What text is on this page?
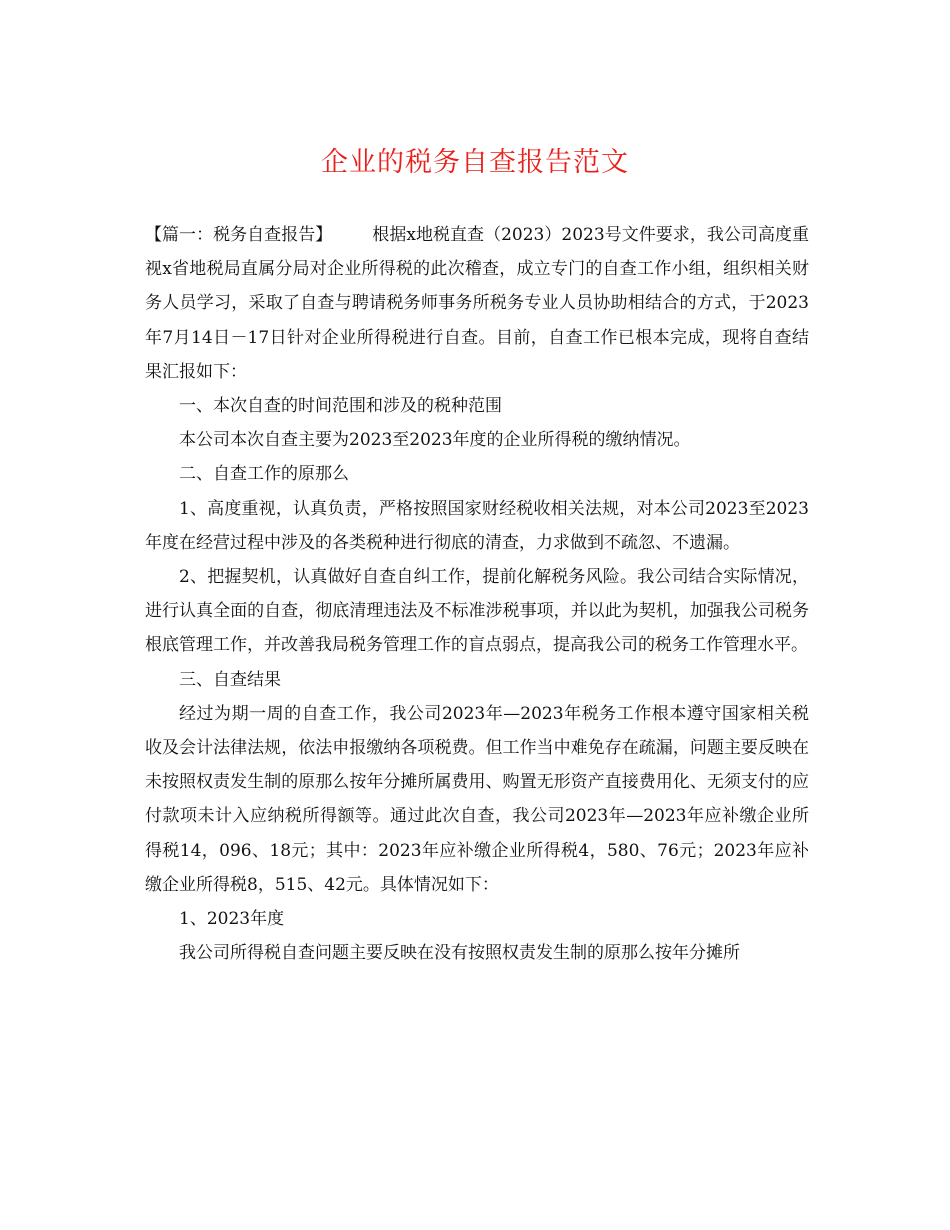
企业的税务自查报告范文

【篇一：税务自查报告】 根据x地税直查（2023）2023号文件要求，我公司高度重视x省地税局直属分局对企业所得税的此次稽查，成立专门的自查工作小组，组织相关财务人员学习，采取了自查与聘请税务师事务所税务专业人员协助相结合的方式，于2023年7月14日－17日针对企业所得税进行自查。目前，自查工作已根本完成，现将自查结果汇报如下：

一、本次自查的时间范围和涉及的税种范围

本公司本次自查主要为2023至2023年度的企业所得税的缴纳情况。

二、自查工作的原那么

1、高度重视，认真负责，严格按照国家财经税收相关法规，对本公司2023至2023年度在经营过程中涉及的各类税种进行彻底的清查，力求做到不疏忽、不遗漏。

2、把握契机，认真做好自查自纠工作，提前化解税务风险。我公司结合实际情况，进行认真全面的自查，彻底清理违法及不标准涉税事项，并以此为契机，加强我公司税务根底管理工作，并改善我局税务管理工作的盲点弱点，提高我公司的税务工作管理水平。

三、自查结果

经过为期一周的自查工作，我公司2023年—2023年税务工作根本遵守国家相关税收及会计法律法规，依法申报缴纳各项税费。但工作当中难免存在疏漏，问题主要反映在未按照权责发生制的原那么按年分摊所属费用、购置无形资产直接费用化、无须支付的应付款项未计入应纳税所得额等。通过此次自查，我公司2023年—2023年应补缴企业所得税14，096、18元；其中：2023年应补缴企业所得税4，580、76元；2023年应补缴企业所得税8，515、42元。具体情况如下：

1、2023年度

我公司所得税自查问题主要反映在没有按照权责发生制的原那么按年分摊所
